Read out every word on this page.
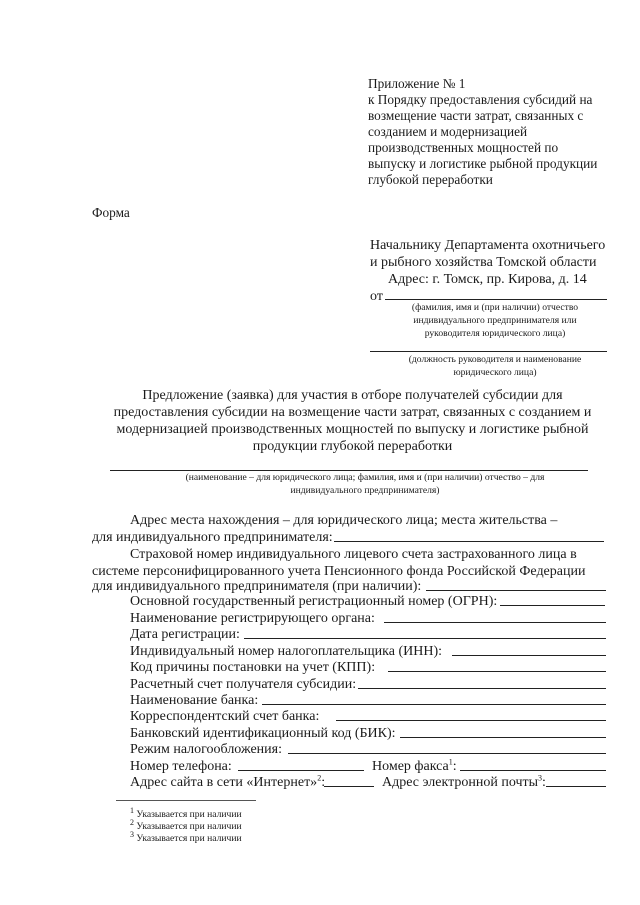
Приложение № 1
к Порядку предоставления субсидий на
возмещение части затрат, связанных с
созданием и модернизацией
производственных мощностей по
выпуску и логистике рыбной продукции
глубокой переработки
Форма
Начальнику Департамента охотничьего
и рыбного хозяйства Томской области
Адрес: г. Томск, пр. Кирова, д. 14
от
(фамилия, имя и (при наличии) отчество
индивидуального предпринимателя или
руководителя юридического лица)
(должность руководителя и наименование
юридического лица)
Предложение (заявка) для участия в отборе получателей субсидии для
предоставления субсидии на возмещение части затрат, связанных с созданием и
модернизацией производственных мощностей по выпуску и логистике рыбной
продукции глубокой переработки
(наименование – для юридического лица; фамилия, имя и (при наличии) отчество – для
индивидуального предпринимателя)
Адрес места нахождения – для юридического лица; места жительства –
для индивидуального предпринимателя:
Страховой номер индивидуального лицевого счета застрахованного лица в
системе персонифицированного учета Пенсионного фонда Российской Федерации
для индивидуального предпринимателя (при наличии):
Основной государственный регистрационный номер (ОГРН):
Наименование регистрирующего органа:
Дата регистрации:
Индивидуальный номер налогоплательщика (ИНН):
Код причины постановки на учет (КПП):
Расчетный счет получателя субсидии:
Наименование банка:
Корреспондентский счет банка:
Банковский идентификационный код (БИК):
Режим налогообложения:
Номер телефона:	Номер факса$^1$:
Адрес сайта в сети «Интернет»$^2$:	Адрес электронной почты$^3$:
$^1$ Указывается при наличии
$^2$ Указывается при наличии
$^3$ Указывается при наличии
